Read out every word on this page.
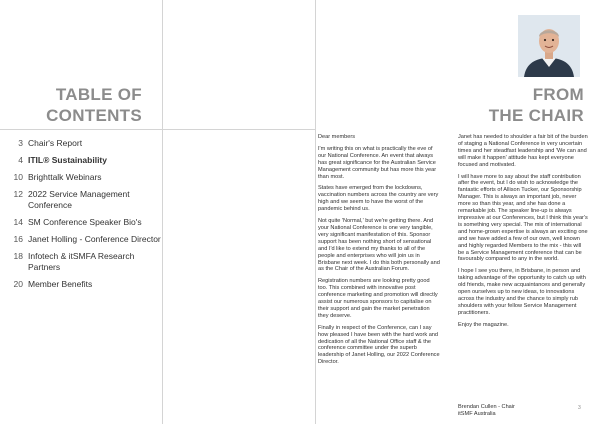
TABLE OF
CONTENTS
3 Chair's Report
4 ITIL® Sustainability
10 Brighttalk Webinars
12 2022 Service Management Conference
14 SM Conference Speaker Bio's
16 Janet Holling - Conference Director
18 Infotech & itSMFA Research Partners
20 Member Benefits
FROM
THE CHAIR

Dear members

I'm writing this on what is practically the eve of our National Conference. An event that always has great significance for the Australian Service Management community but has more this year than most.

States have emerged from the lockdowns, vaccination numbers across the country are very high and we seem to have the worst of the pandemic behind us.

Not quite 'Normal,' but we're getting there. And your National Conference is one very tangible, very significant manifestation of this. Sponsor support has been nothing short of sensational and I'd like to extend my thanks to all of the people and enterprises who will join us in Brisbane next week. I do this both personally and as the Chair of the Australian Forum.

Registration numbers are looking pretty good too. This combined with innovative post conference marketing and promotion will directly assist our numerous sponsors to capitalise on their support and gain the market penetration they deserve.

Finally in respect of the Conference, can I say how pleased I have been with the hard work and dedication of all the National Office staff & the conference committee under the superb leadership of Janet Holling, our 2022 Conference Director.

Janet has needed to shoulder a fair bit of the burden of staging a National Conference in very uncertain times and her steadfast leadership and 'We can and will make it happen' attitude has kept everyone focused and motivated.

I will have more to say about the staff contribution after the event, but I do wish to acknowledge the fantastic efforts of Allison Tucker, our Sponsorship Manager. This is always an important job, never more so than this year, and she has done a remarkable job. The speaker line-up is always impressive at our Conferences, but I think this year's is something very special. The mix of international and home-grown expertise is always an exciting one and we have added a few of our own, well known and highly regarded Members to the mix - this will be a Service Management conference that can be favourably compared to any in the world.

I hope I see you there, in Brisbane, in person and taking advantage of the opportunity to catch up with old friends, make new acquaintances and generally open ourselves up to new ideas, to innovations across the industry and the chance to simply rub shoulders with your fellow Service Management practitioners.

Enjoy the magazine.

Brendan Cullen - Chair
itSMF Australia
3
